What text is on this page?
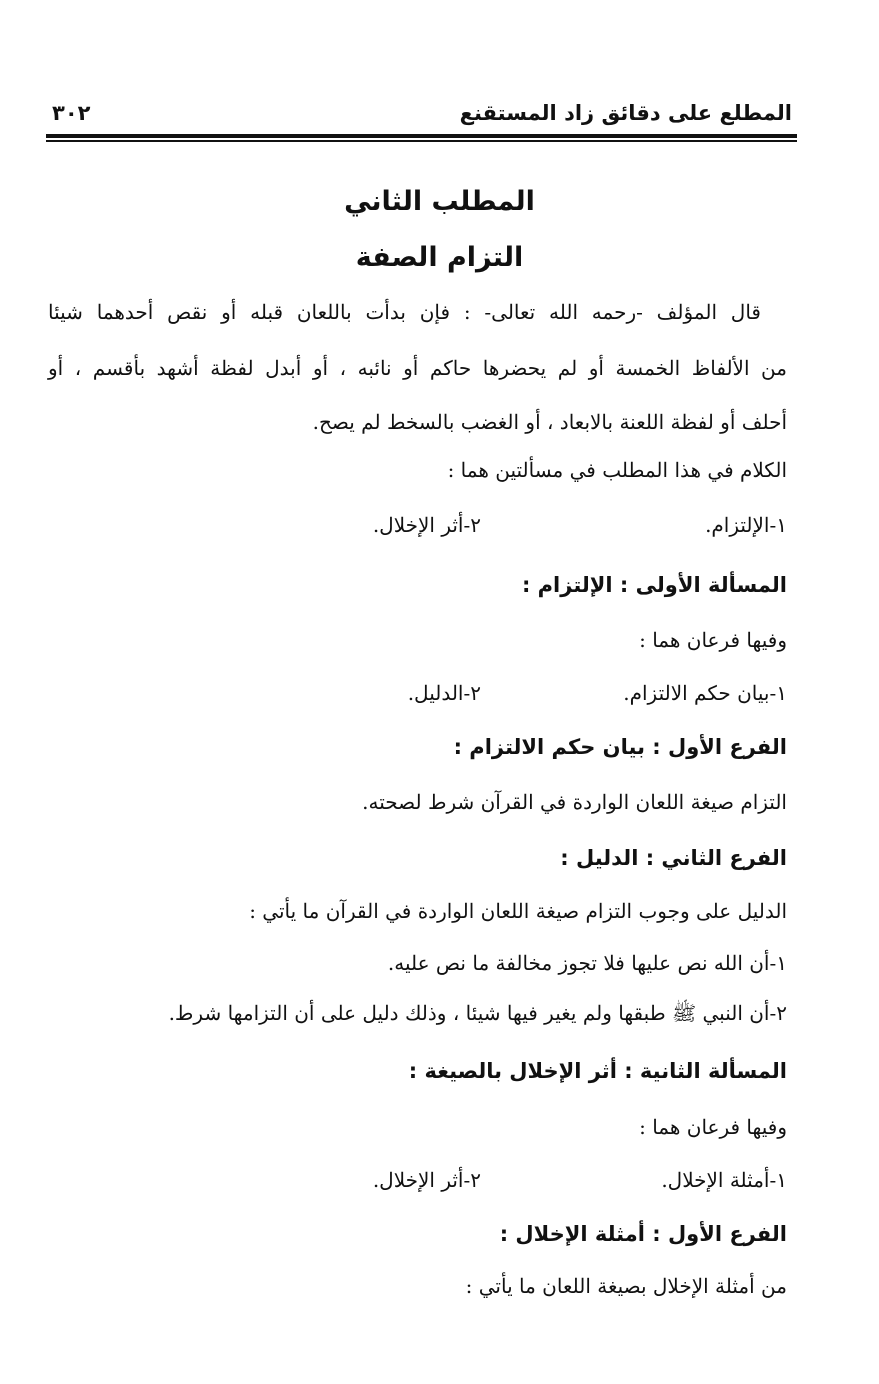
المطلع على دقائق زاد المستقنع
٣٠٢
المطلب الثاني
التزام الصفة
قال المؤلف -رحمه الله تعالى- : فإن بدأت باللعان قبله أو نقص أحدهما شيئا
من الألفاظ الخمسة أو لم يحضرها حاكم أو نائبه ، أو أبدل لفظة أشهد بأقسم ، أو
أحلف أو لفظة اللعنة بالابعاد ، أو الغضب بالسخط لم يصح.
الكلام في هذا المطلب في مسألتين هما :
١-الإلتزام.
٢-أثر الإخلال.
المسألة الأولى : الإلتزام :
وفيها فرعان هما :
١-بيان حكم الالتزام.
٢-الدليل.
الفرع الأول : بيان حكم الالتزام :
التزام صيغة اللعان الواردة في القرآن شرط لصحته.
الفرع الثاني : الدليل :
الدليل على وجوب التزام صيغة اللعان الواردة في القرآن ما يأتي :
١-أن الله نص عليها فلا تجوز مخالفة ما نص عليه.
٢-أن النبي ﷺ طبقها ولم يغير فيها شيئا ، وذلك دليل على أن التزامها شرط.
المسألة الثانية : أثر الإخلال بالصيغة :
وفيها فرعان هما :
١-أمثلة الإخلال.
٢-أثر الإخلال.
الفرع الأول : أمثلة الإخلال :
من أمثلة الإخلال بصيغة اللعان ما يأتي :
